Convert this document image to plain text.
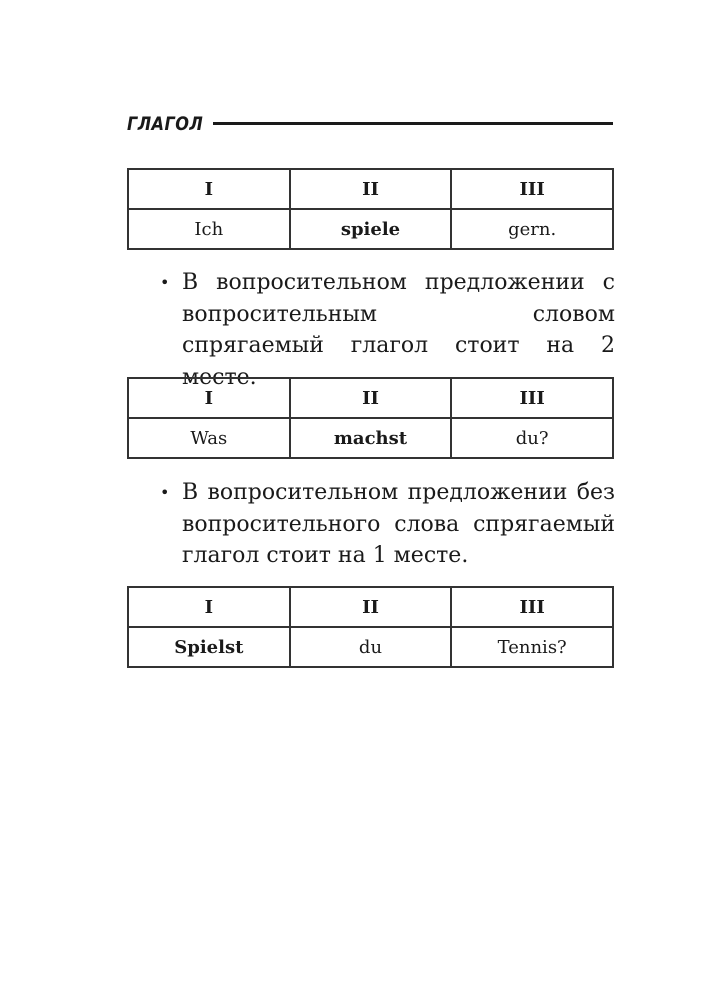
ГЛАГОЛ
I	II	III
Ich	spiele	gern.
• В вопросительном предложении с вопросительным словом спрягаемый глагол стоит на 2 месте.
I	II	III
Was	machst	du?
• В вопросительном предложении без вопросительного слова спрягаемый глагол стоит на 1 месте.
I	II	III
Spielst	du	Tennis?
